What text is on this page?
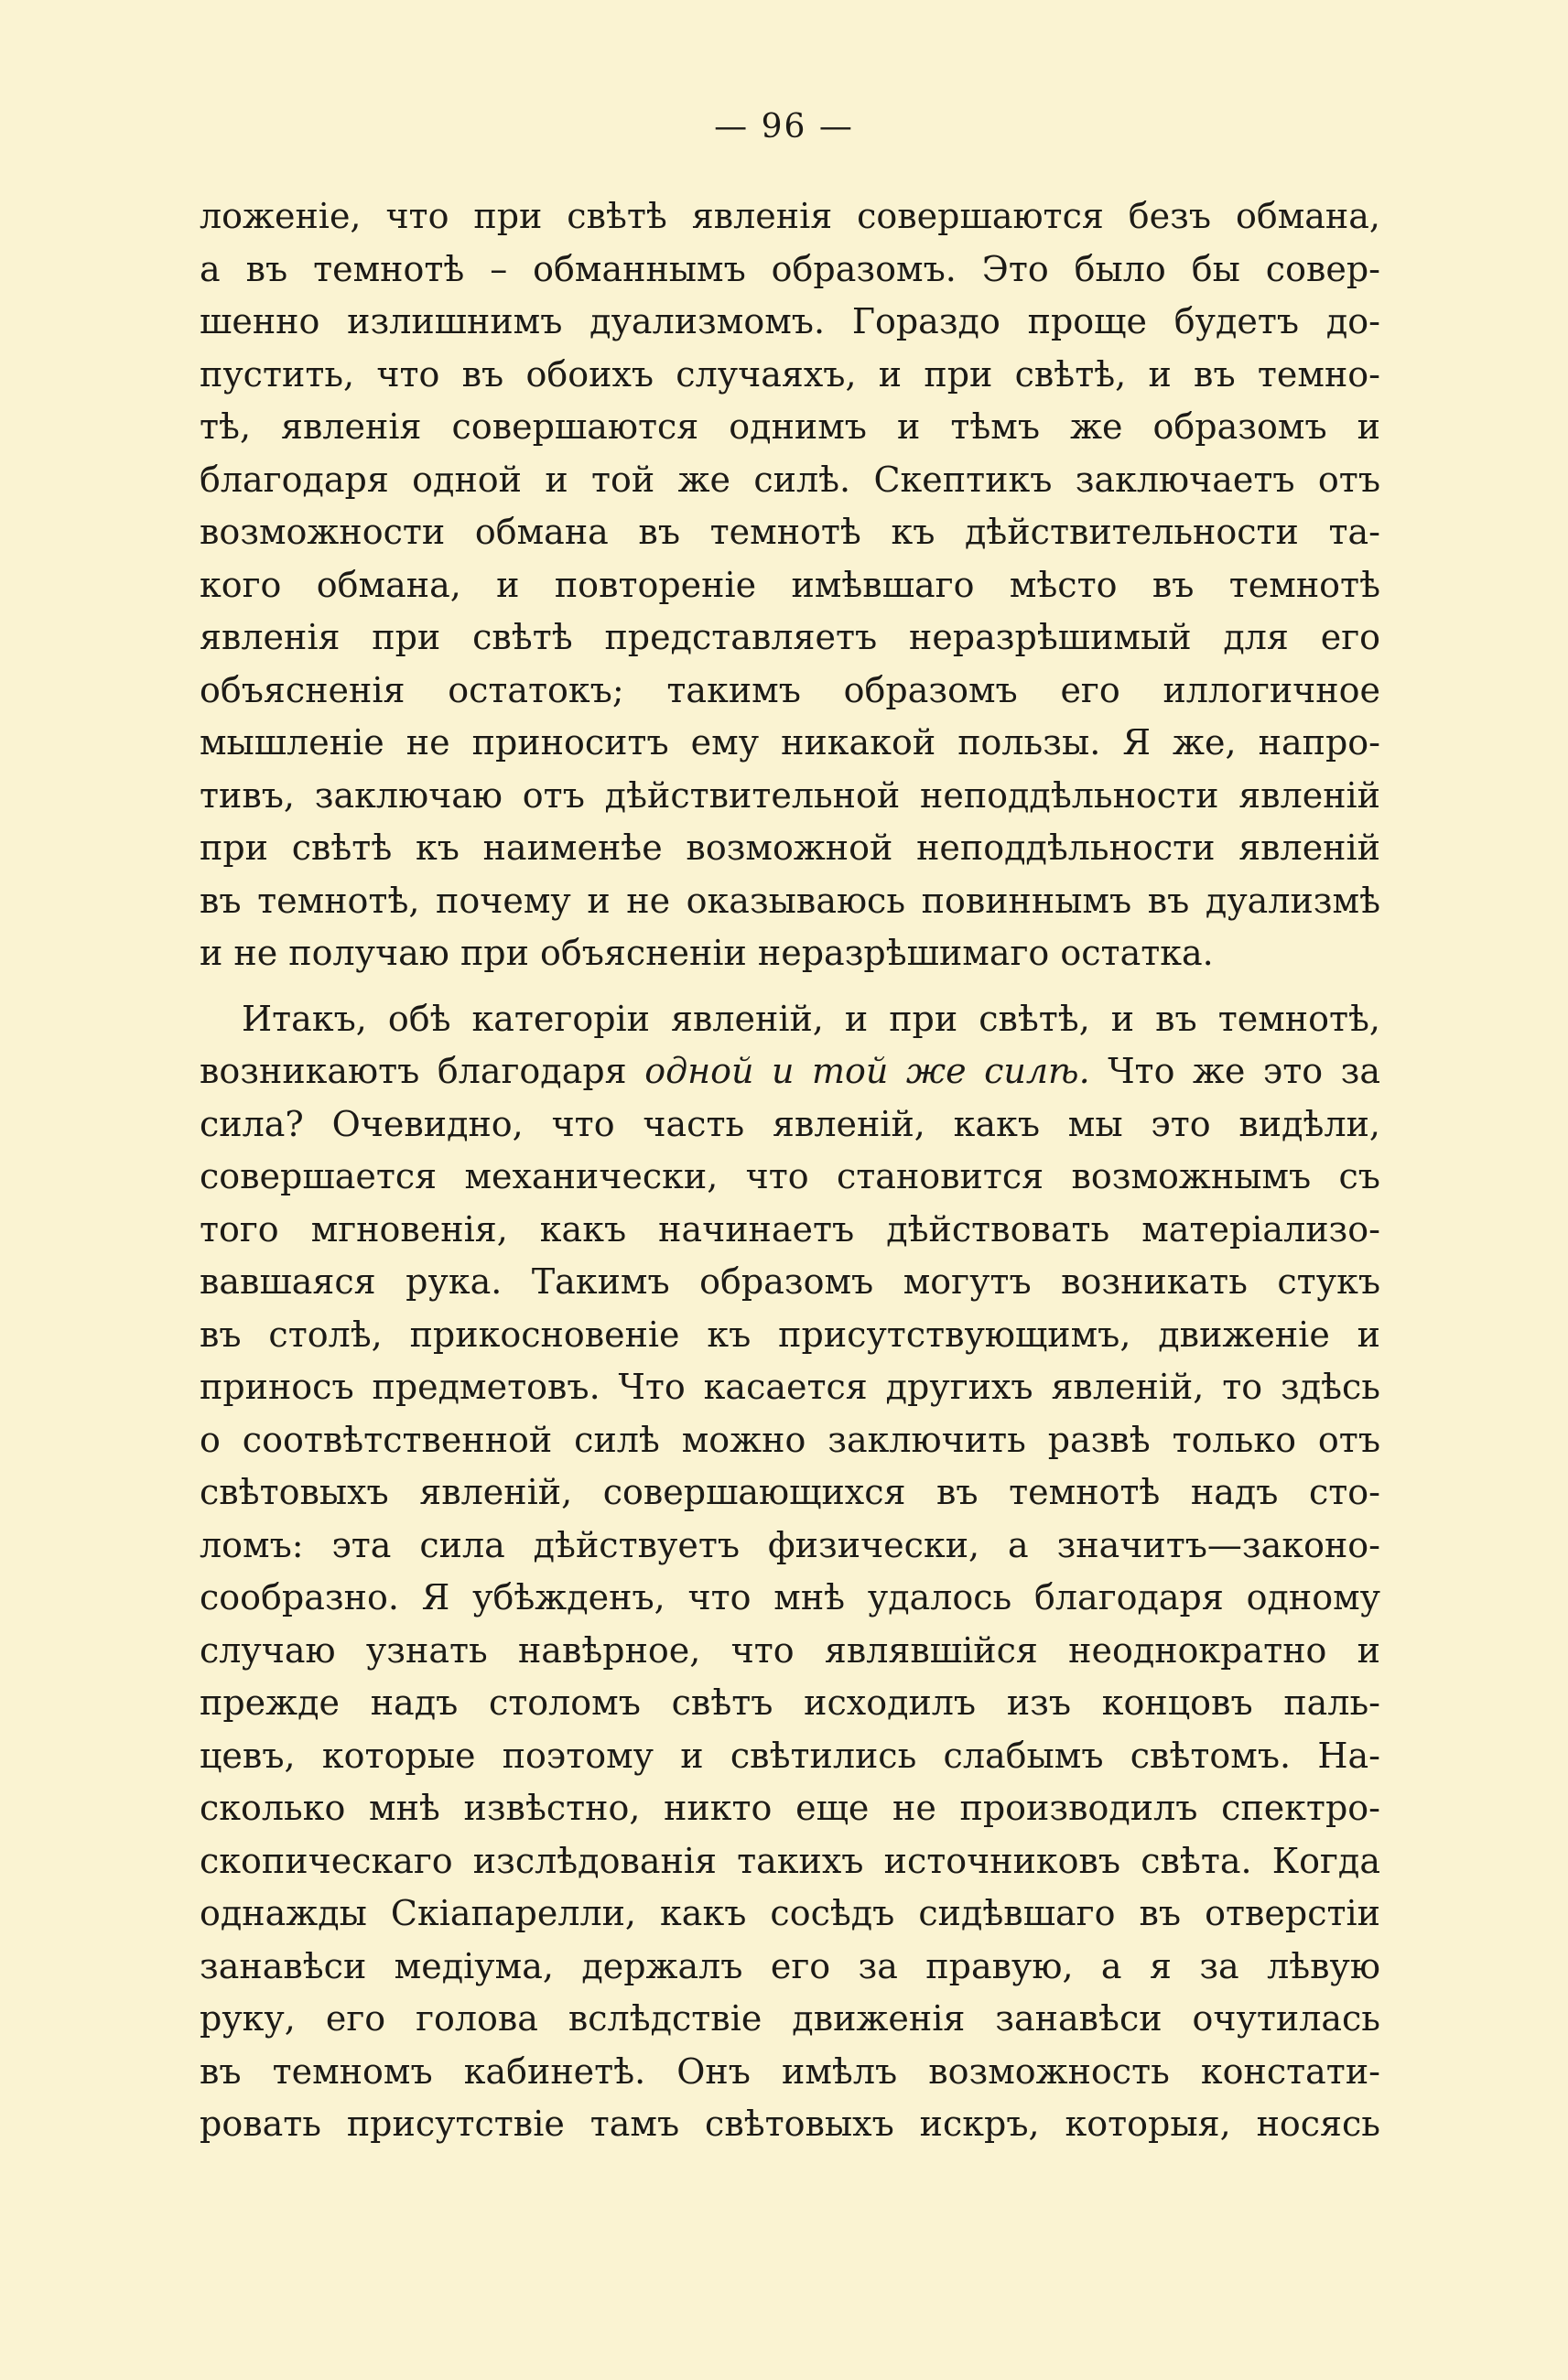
— 96 —
ложеніе, что при свѣтѣ явленія совершаются безъ обмана,
а въ темнотѣ – обманнымъ образомъ. Это было бы совер-
шенно излишнимъ дуализмомъ. Гораздо проще будетъ до-
пустить, что въ обоихъ случаяхъ, и при свѣтѣ, и въ темно-
тѣ, явленія совершаются однимъ и тѣмъ же образомъ и
благодаря одной и той же силѣ. Скептикъ заключаетъ отъ
возможности обмана въ темнотѣ къ дѣйствительности та-
кого обмана, и повтореніе имѣвшаго мѣсто въ темнотѣ
явленія при свѣтѣ представляетъ неразрѣшимый для его
объясненія остатокъ; такимъ образомъ его иллогичное
мышленіе не приноситъ ему никакой пользы. Я же, напро-
тивъ, заключаю отъ дѣйствительной неподдѣльности явленій
при свѣтѣ къ наименѣе возможной неподдѣльности явленій
въ темнотѣ, почему и не оказываюсь повиннымъ въ дуализмѣ
и не получаю при объясненіи неразрѣшимаго остатка.
Итакъ, обѣ категоріи явленій, и при свѣтѣ, и въ темнотѣ,
возникаютъ благодаря одной и той же силѣ. Что же это за
сила? Очевидно, что часть явленій, какъ мы это видѣли,
совершается механически, что становится возможнымъ съ
того мгновенія, какъ начинаетъ дѣйствовать матеріализо-
вавшаяся рука. Такимъ образомъ могутъ возникать стукъ
въ столѣ, прикосновеніе къ присутствующимъ, движеніе и
приносъ предметовъ. Что касается другихъ явленій, то здѣсь
о соотвѣтственной силѣ можно заключить развѣ только отъ
свѣтовыхъ явленій, совершающихся въ темнотѣ надъ сто-
ломъ: эта сила дѣйствуетъ физически, а значитъ—законо-
сообразно. Я убѣжденъ, что мнѣ удалось благодаря одному
случаю узнать навѣрное, что являвшійся неоднократно и
прежде надъ столомъ свѣтъ исходилъ изъ концовъ паль-
цевъ, которые поэтому и свѣтились слабымъ свѣтомъ. На-
сколько мнѣ извѣстно, никто еще не производилъ спектро-
скопическаго изслѣдованія такихъ источниковъ свѣта. Когда
однажды Скіапарелли, какъ сосѣдъ сидѣвшаго въ отверстіи
занавѣси медіума, держалъ его за правую, а я за лѣвую
руку, его голова вслѣдствіе движенія занавѣси очутилась
въ темномъ кабинетѣ. Онъ имѣлъ возможность констати-
ровать присутствіе тамъ свѣтовыхъ искръ, которыя, носясь
